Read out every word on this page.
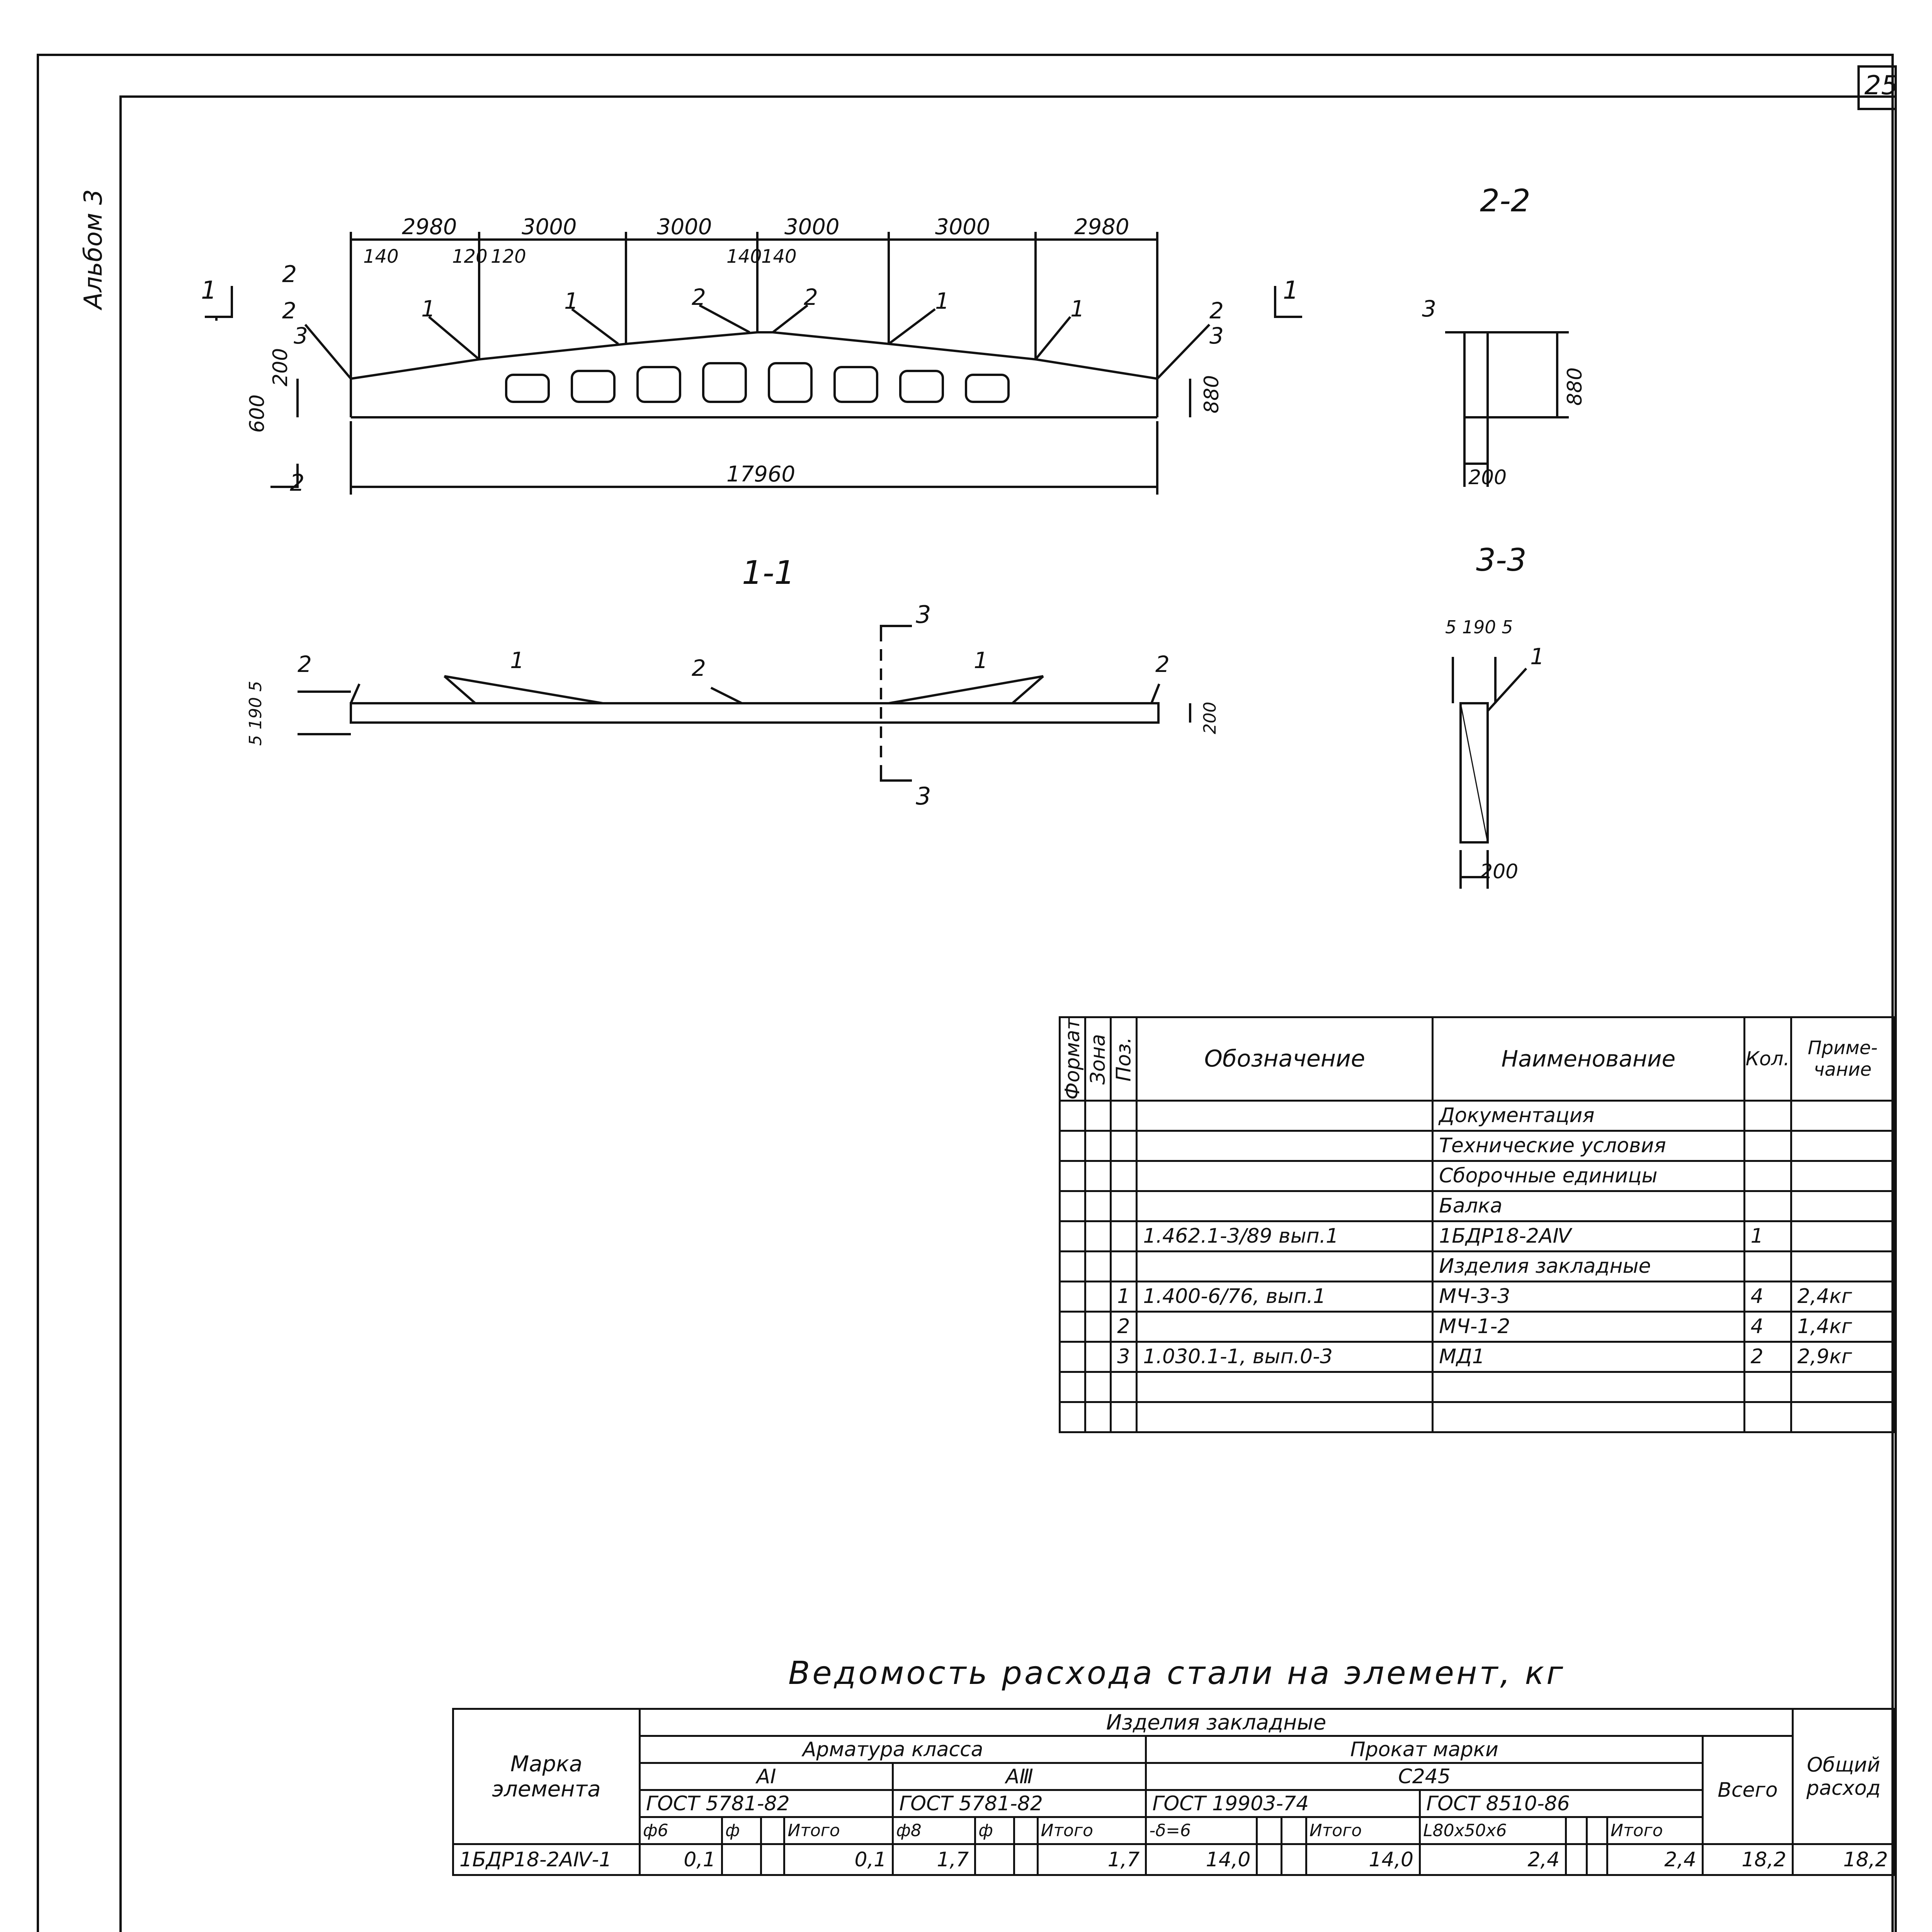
25
Альбом 3	2980	3000	3000	3000	3000	2980
140	120 120	140
140
600
200
880
17960
1	1
2
2
2
3
1	1	2	2	1	1	2
3
2-2
3
880
200
1-1
5 190 5	200
3
3
2	1	2	1	2
3-3
5 190 5
1
200
Формат	Зона	Поз.	Обозначение	Наименование	Кол.	Приме-чание
				Документация		
				Технические условия		
				Сборочные единицы		
				Балка		
			1.462.1-3/89 вып.1	1БДР18-2АⅣ	1	
				Изделия закладные		
		1	1.400-6/76, вып.1	МЧ-3-3	4	2,4кг
		2		МЧ-1-2	4	1,4кг
		3	1.030.1-1, вып.0-3	МД1	2	2,9кг

Ведомость расхода стали на элемент, кг
Марка элемента	Изделия закладные																	Общий расход
	Арматура класса								Прокат марки								Всего	
	АⅠ				АⅢ				С245									
	ГОСТ 5781-82				ГОСТ 5781-82				ГОСТ 19903-74				ГОСТ 8510-86					
	ф6	ф		Итого	ф8	ф		Итого	-δ=6			Итого	L80х50х6			Итого		
1БДР18-2АⅣ-1	0,1			0,1	1,7			1,7	14,0			14,0	2,4			2,4	18,2	18,2
